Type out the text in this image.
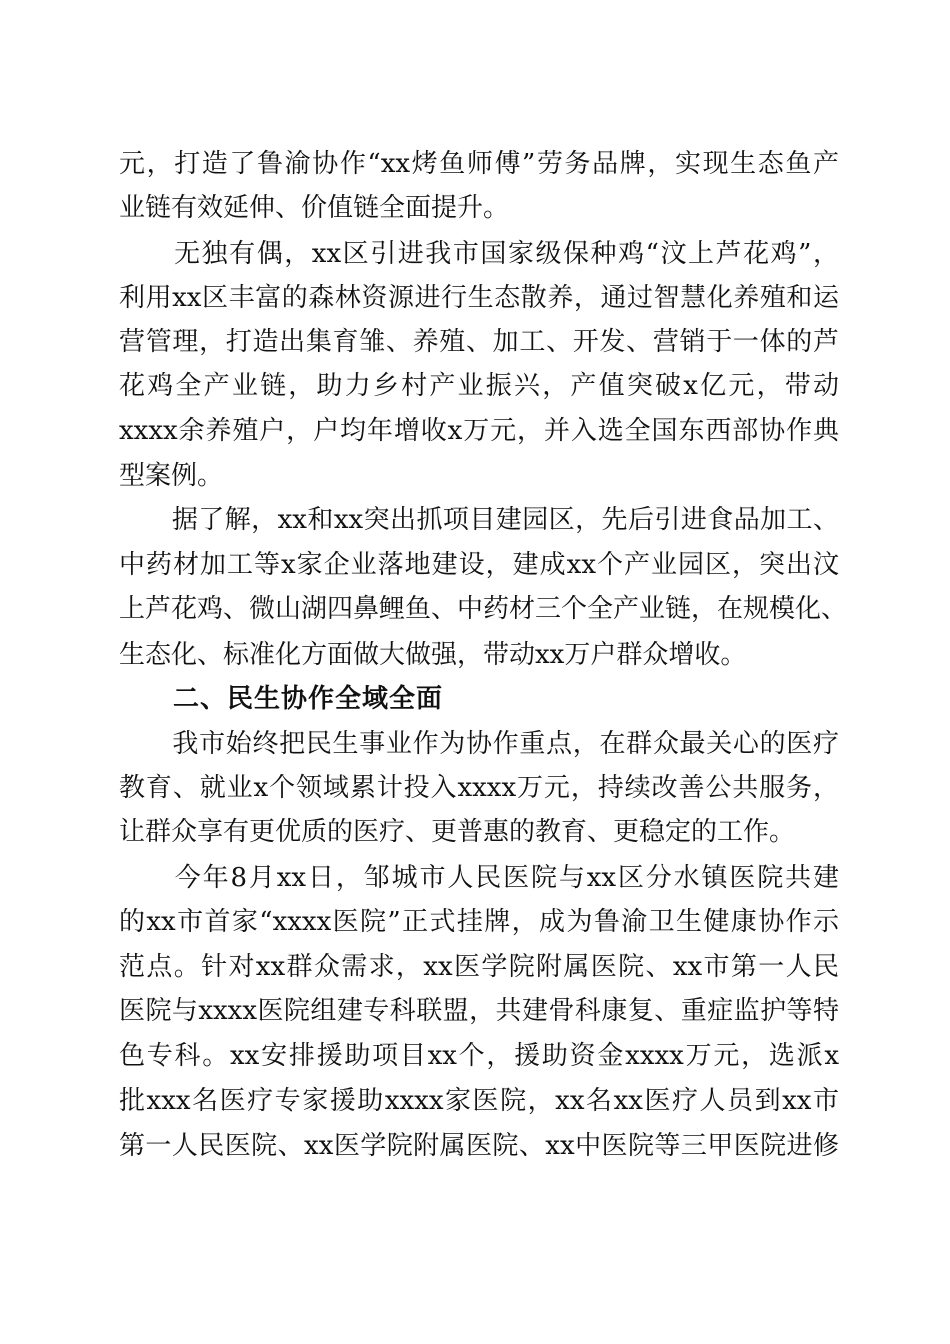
元，打造了鲁渝协作“xx烤鱼师傅”劳务品牌，实现生态鱼产
业链有效延伸、价值链全面提升。
　　无独有偶，xx区引进我市国家级保种鸡“汶上芦花鸡”，
利用xx区丰富的森林资源进行生态散养，通过智慧化养殖和运
营管理，打造出集育雏、养殖、加工、开发、营销于一体的芦
花鸡全产业链，助力乡村产业振兴，产值突破x亿元，带动
xxxx余养殖户，户均年增收x万元，并入选全国东西部协作典
型案例。
　　据了解，xx和xx突出抓项目建园区，先后引进食品加工、
中药材加工等x家企业落地建设，建成xx个产业园区，突出汶
上芦花鸡、微山湖四鼻鲤鱼、中药材三个全产业链，在规模化、
生态化、标准化方面做大做强，带动xx万户群众增收。
　　二、民生协作全域全面
　　我市始终把民生事业作为协作重点，在群众最关心的医疗
教育、就业x个领域累计投入xxxx万元，持续改善公共服务，
让群众享有更优质的医疗、更普惠的教育、更稳定的工作。
　　今年8月xx日，邹城市人民医院与xx区分水镇医院共建
的xx市首家“xxxx医院”正式挂牌，成为鲁渝卫生健康协作示
范点。针对xx群众需求，xx医学院附属医院、xx市第一人民
医院与xxxx医院组建专科联盟，共建骨科康复、重症监护等特
色专科。xx安排援助项目xx个，援助资金xxxx万元，选派x
批xxx名医疗专家援助xxxx家医院，xx名xx医疗人员到xx市
第一人民医院、xx医学院附属医院、xx中医院等三甲医院进修
